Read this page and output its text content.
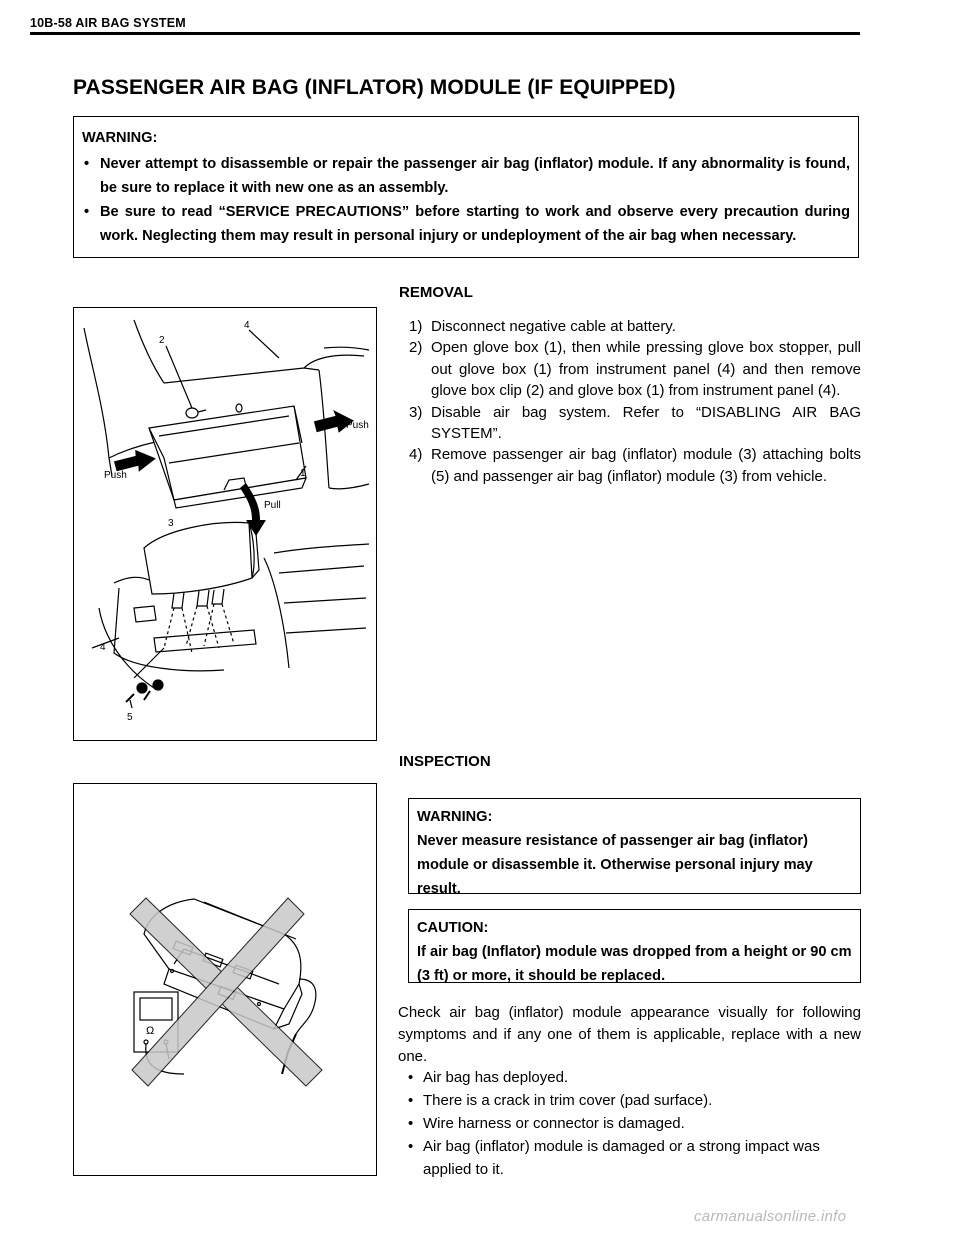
10B-58 AIR BAG SYSTEM
PASSENGER AIR BAG (INFLATOR) MODULE (IF EQUIPPED)
WARNING:
• Never attempt to disassemble or repair the passenger air bag (inflator) module. If any abnormality is found, be sure to replace it with new one as an assembly.
• Be sure to read “SERVICE PRECAUTIONS” before starting to work and observe every precaution during work. Neglecting them may result in personal injury or undeployment of the air bag when necessary.
2
4
Push
Push	1
Pull
3
4
5
REMOVAL
1) Disconnect negative cable at battery.
2) Open glove box (1), then while pressing glove box stopper, pull out glove box (1) from instrument panel (4) and then remove glove box clip (2) and glove box (1) from instrument panel (4).
3) Disable air bag system. Refer to “DISABLING AIR BAG SYSTEM”.
4) Remove passenger air bag (inflator) module (3) attaching bolts (5) and passenger air bag (inflator) module (3) from vehicle.
INSPECTION
Ω
WARNING:
Never measure resistance of passenger air bag (inflator) module or disassemble it. Otherwise personal injury may result.
CAUTION:
If air bag (Inflator) module was dropped from a height or 90 cm (3 ft) or more, it should be replaced.

Check air bag (inflator) module appearance visually for following symptoms and if any one of them is applicable, replace with a new one.

• Air bag has deployed.
• There is a crack in trim cover (pad surface).
• Wire harness or connector is damaged.
• Air bag (inflator) module is damaged or a strong impact was applied to it.
carmanualsonline.info
